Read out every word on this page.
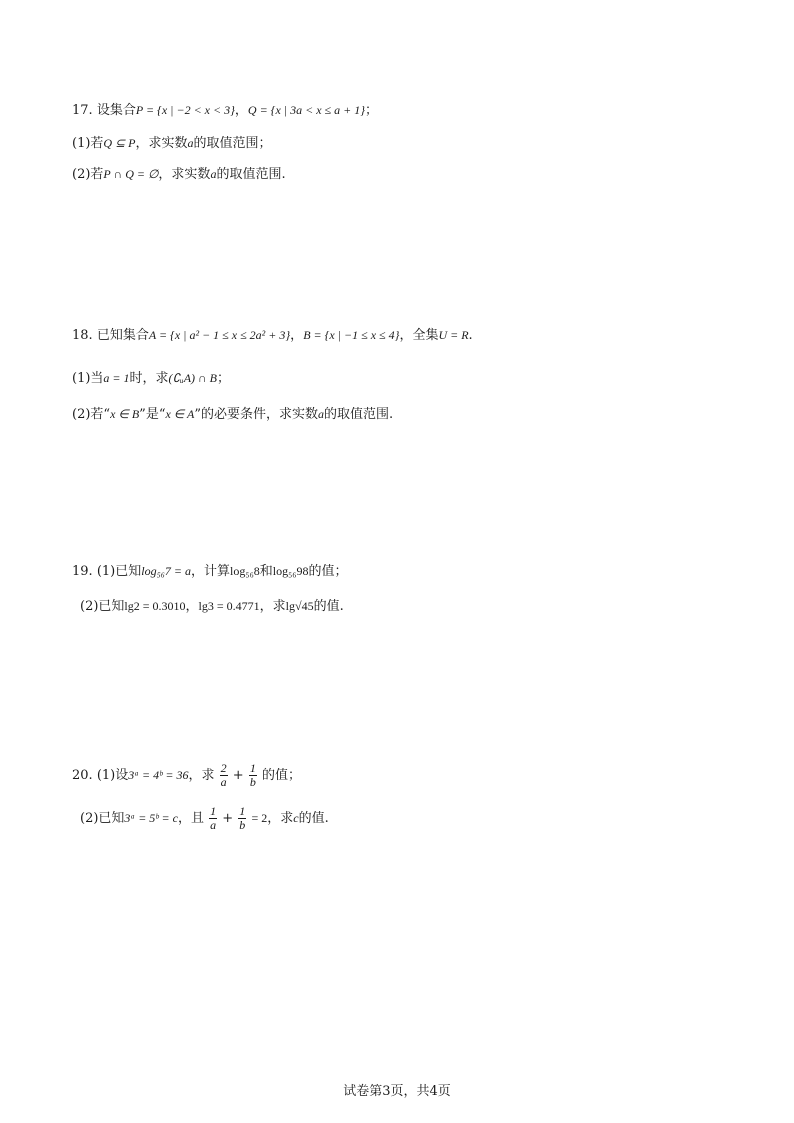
17. 设集合P = {x | −2 < x < 3}，Q = {x | 3a < x ≤ a + 1}；
(1)若Q ⊆ P，求实数a的取值范围；
(2)若P ∩ Q = ∅，求实数a的取值范围.
18. 已知集合A = {x | a² − 1 ≤ x ≤ 2a² + 3}，B = {x | −1 ≤ x ≤ 4}，全集U = R.
(1)当a = 1时，求(∁ᵤA) ∩ B；
(2)若“x ∈ B”是“x ∈ A”的必要条件，求实数a的取值范围.
19. (1)已知log₅₆7 = a，计算log₅₆8和log₅₆98的值；
(2)已知lg2 = 0.3010，lg3 = 0.4771，求lg√45的值.
20. (1)设3ᵃ = 4ᵇ = 36，求 $\frac{2}{a} + \frac{1}{b}$ 的值；
(2)已知3ᵃ = 5ᵇ = c，且 $\frac{1}{a} + \frac{1}{b} = 2$，求c的值.
试卷第3页，共4页
